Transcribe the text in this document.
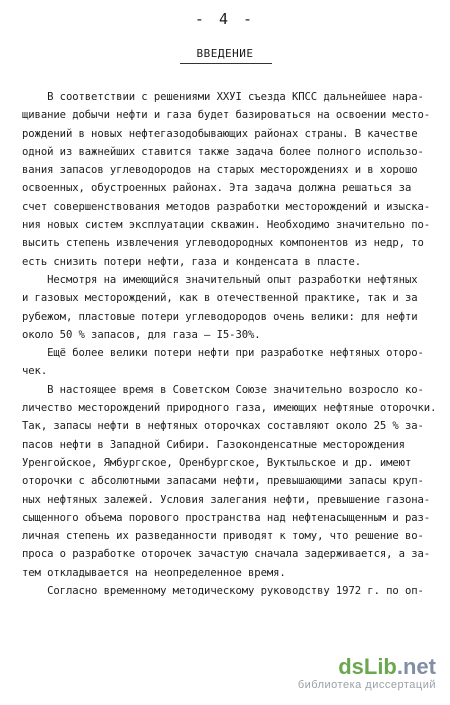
- 4 -
ВВЕДЕНИЕ
В соответствии с решениями ХХУI съезда КПСС дальнейшее нара-
щивание добычи нефти и газа будет базироваться на освоении место-
рождений в новых нефтегазодобывающих районах страны. В качестве
одной из важнейших ставится также задача более полного использо-
вания запасов углеводородов на старых месторождениях и в хорошо
освоенных, обустроенных районах. Эта задача должна решаться за
счет совершенствования методов разработки месторождений и изыска-
ния новых систем эксплуатации скважин. Необходимо значительно по-
высить степень извлечения углеводородных компонентов из недр, то
есть снизить потери нефти, газа и конденсата в пласте.
Несмотря на имеющийся значительный опыт разработки нефтяных
и газовых месторождений, как в отечественной практике, так и за
рубежом, пластовые потери углеводородов очень велики: для нефти
около 50 % запасов, для газа – I5-30%.
Ещё более велики потери нефти при разработке нефтяных оторо-
чек.
В настоящее время в Советском Союзе значительно возросло ко-
личество месторождений природного газа, имеющих нефтяные оторочки.
Так, запасы нефти в нефтяных оторочках составляют около 25 % за-
пасов нефти в Западной Сибири. Газоконденсатные месторождения
Уренгойское, Ямбургское, Оренбургское, Вуктыльское и др. имеют
оторочки с абсолютными запасами нефти, превышающими запасы круп-
ных нефтяных залежей. Условия залегания нефти, превышение газона-
сыщенного объема порового пространства над нефтенасыщенным и раз-
личная степень их разведанности приводят к тому, что решение во-
проса о разработке оторочек зачастую сначала задерживается, а за-
тем откладывается на неопределенное время.
Согласно временному методическому руководству 1972 г. по оп-
dsLib.net
библиотека диссертаций
